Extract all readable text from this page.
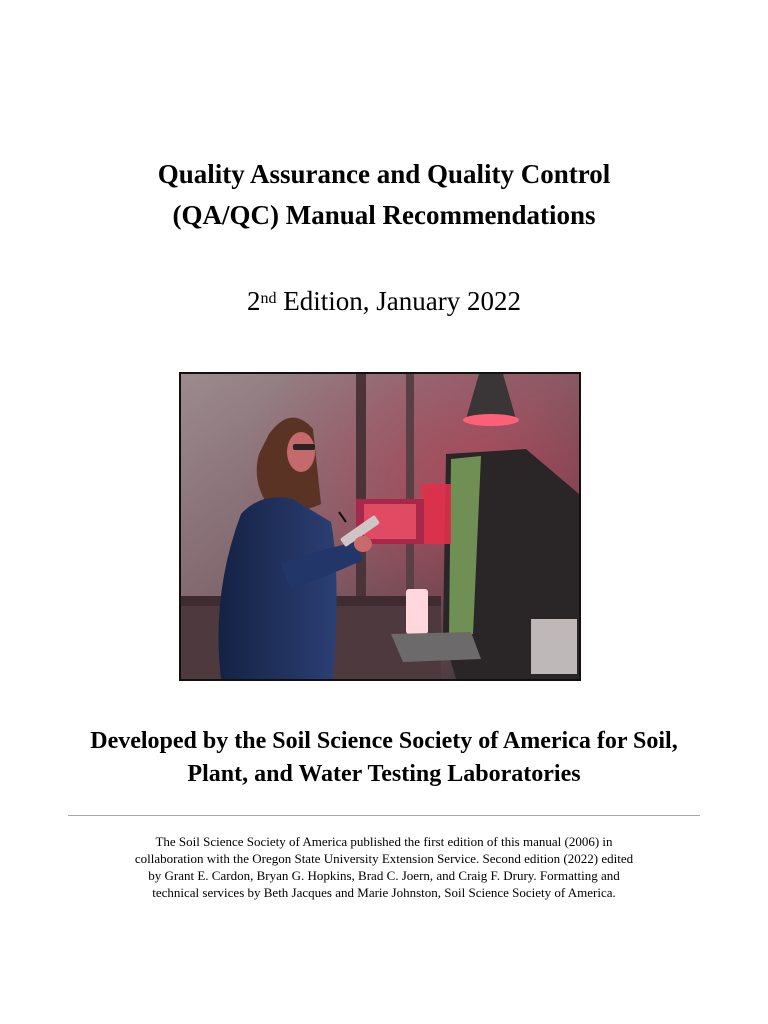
Quality Assurance and Quality Control
(QA/QC) Manual Recommendations
2nd Edition, January 2022
Developed by the Soil Science Society of America for Soil,
Plant, and Water Testing Laboratories
The Soil Science Society of America published the first edition of this manual (2006) in
collaboration with the Oregon State University Extension Service. Second edition (2022) edited
by Grant E. Cardon, Bryan G. Hopkins, Brad C. Joern, and Craig F. Drury. Formatting and
technical services by Beth Jacques and Marie Johnston, Soil Science Society of America.
